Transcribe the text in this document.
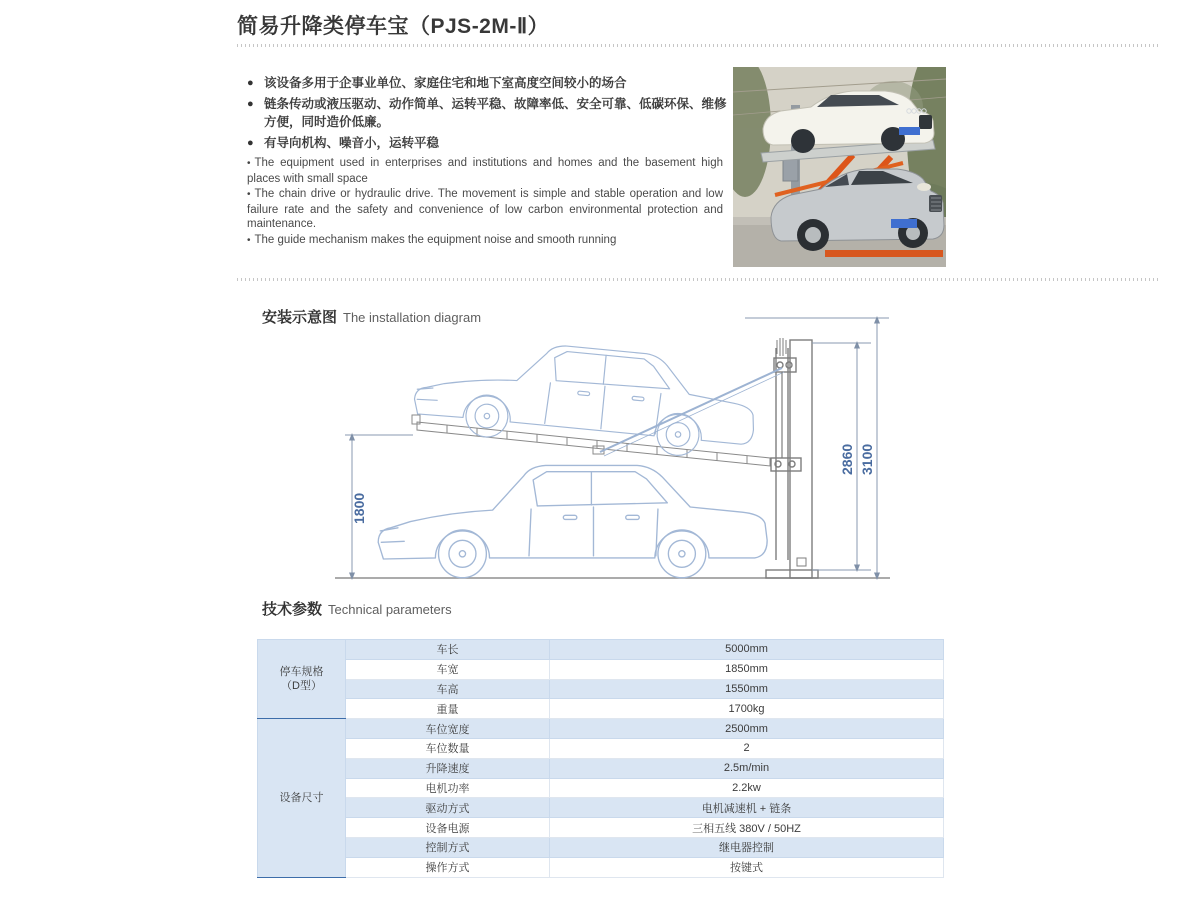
简易升降类停车宝（PJS-2M-Ⅱ）
● 该设备多用于企事业单位、家庭住宅和地下室高度空间较小的场合
● 链条传动或液压驱动、动作简单、运转平稳、故障率低、安全可靠、低碳环保、维修方便，同时造价低廉。
● 有导向机构、噪音小，运转平稳
• The equipment used in enterprises and institutions and homes and the basement high places with small space
• The chain drive or hydraulic drive. The movement is simple and stable operation and low failure rate and the safety and convenience of low carbon environmental protection and maintenance.
• The guide mechanism makes the equipment noise and smooth running
安装示意图 The installation diagram
1800
2860 3100
技术参数 Technical parameters
停车规格（D型）	车长	5000mm
	车宽	1850mm
	车高	1550mm
	重量	1700kg
设备尺寸	车位宽度	2500mm
	车位数量	2
	升降速度	2.5m/min
	电机功率	2.2kw
	驱动方式	电机减速机 + 链条
	设备电源	三相五线 380V / 50HZ
	控制方式	继电器控制
	操作方式	按键式
